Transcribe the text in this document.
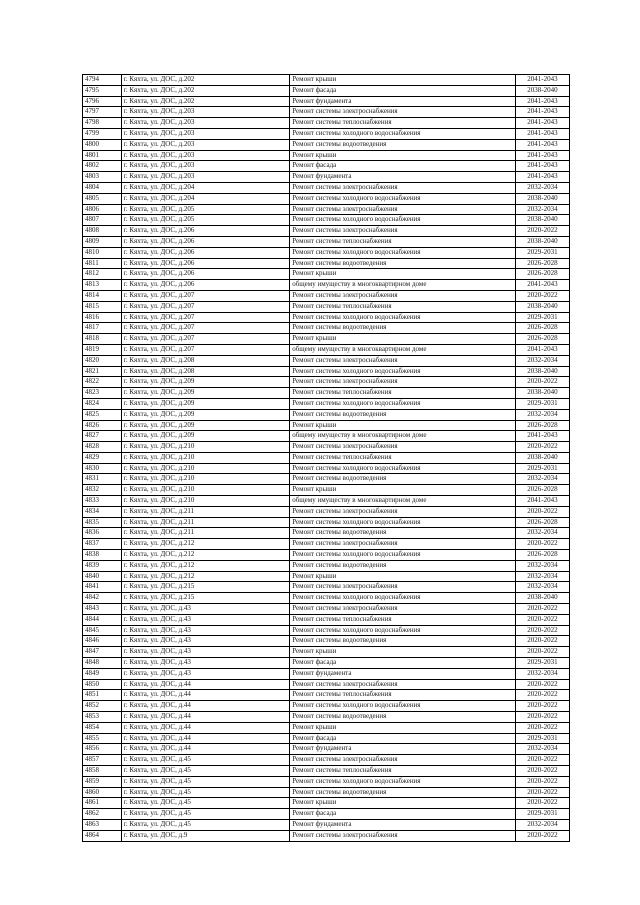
4794	г. Кяхта, ул. ДОС, д.202	Ремонт крыши	2041-2043
4795	г. Кяхта, ул. ДОС, д.202	Ремонт фасада	2038-2040
4796	г. Кяхта, ул. ДОС, д.202	Ремонт фундамента	2041-2043
4797	г. Кяхта, ул. ДОС, д.203	Ремонт системы электроснабжения	2041-2043
4798	г. Кяхта, ул. ДОС, д.203	Ремонт системы теплоснабжения	2041-2043
4799	г. Кяхта, ул. ДОС, д.203	Ремонт системы холодного водоснабжения	2041-2043
4800	г. Кяхта, ул. ДОС, д.203	Ремонт системы водоотведения	2041-2043
4801	г. Кяхта, ул. ДОС, д.203	Ремонт крыши	2041-2043
4802	г. Кяхта, ул. ДОС, д.203	Ремонт фасада	2041-2043
4803	г. Кяхта, ул. ДОС, д.203	Ремонт фундамента	2041-2043
4804	г. Кяхта, ул. ДОС, д.204	Ремонт системы электроснабжения	2032-2034
4805	г. Кяхта, ул. ДОС, д.204	Ремонт системы холодного водоснабжения	2038-2040
4806	г. Кяхта, ул. ДОС, д.205	Ремонт системы электроснабжения	2032-2034
4807	г. Кяхта, ул. ДОС, д.205	Ремонт системы холодного водоснабжения	2038-2040
4808	г. Кяхта, ул. ДОС, д.206	Ремонт системы электроснабжения	2020-2022
4809	г. Кяхта, ул. ДОС, д.206	Ремонт системы теплоснабжения	2038-2040
4810	г. Кяхта, ул. ДОС, д.206	Ремонт системы холодного водоснабжения	2029-2031
4811	г. Кяхта, ул. ДОС, д.206	Ремонт системы водоотведения	2026-2028
4812	г. Кяхта, ул. ДОС, д.206	Ремонт крыши	2026-2028
4813	г. Кяхта, ул. ДОС, д.206	общему имуществу в многоквартирном доме	2041-2043
4814	г. Кяхта, ул. ДОС, д.207	Ремонт системы электроснабжения	2020-2022
4815	г. Кяхта, ул. ДОС, д.207	Ремонт системы теплоснабжения	2038-2040
4816	г. Кяхта, ул. ДОС, д.207	Ремонт системы холодного водоснабжения	2029-2031
4817	г. Кяхта, ул. ДОС, д.207	Ремонт системы водоотведения	2026-2028
4818	г. Кяхта, ул. ДОС, д.207	Ремонт крыши	2026-2028
4819	г. Кяхта, ул. ДОС, д.207	общему имуществу в многоквартирном доме	2041-2043
4820	г. Кяхта, ул. ДОС, д.208	Ремонт системы электроснабжения	2032-2034
4821	г. Кяхта, ул. ДОС, д.208	Ремонт системы холодного водоснабжения	2038-2040
4822	г. Кяхта, ул. ДОС, д.209	Ремонт системы электроснабжения	2020-2022
4823	г. Кяхта, ул. ДОС, д.209	Ремонт системы теплоснабжения	2038-2040
4824	г. Кяхта, ул. ДОС, д.209	Ремонт системы холодного водоснабжения	2029-2031
4825	г. Кяхта, ул. ДОС, д.209	Ремонт системы водоотведения	2032-2034
4826	г. Кяхта, ул. ДОС, д.209	Ремонт крыши	2026-2028
4827	г. Кяхта, ул. ДОС, д.209	общему имуществу в многоквартирном доме	2041-2043
4828	г. Кяхта, ул. ДОС, д.210	Ремонт системы электроснабжения	2020-2022
4829	г. Кяхта, ул. ДОС, д.210	Ремонт системы теплоснабжения	2038-2040
4830	г. Кяхта, ул. ДОС, д.210	Ремонт системы холодного водоснабжения	2029-2031
4831	г. Кяхта, ул. ДОС, д.210	Ремонт системы водоотведения	2032-2034
4832	г. Кяхта, ул. ДОС, д.210	Ремонт крыши	2026-2028
4833	г. Кяхта, ул. ДОС, д.210	общему имуществу в многоквартирном доме	2041-2043
4834	г. Кяхта, ул. ДОС, д.211	Ремонт системы электроснабжения	2020-2022
4835	г. Кяхта, ул. ДОС, д.211	Ремонт системы холодного водоснабжения	2026-2028
4836	г. Кяхта, ул. ДОС, д.211	Ремонт системы водоотведения	2032-2034
4837	г. Кяхта, ул. ДОС, д.212	Ремонт системы электроснабжения	2020-2022
4838	г. Кяхта, ул. ДОС, д.212	Ремонт системы холодного водоснабжения	2026-2028
4839	г. Кяхта, ул. ДОС, д.212	Ремонт системы водоотведения	2032-2034
4840	г. Кяхта, ул. ДОС, д.212	Ремонт крыши	2032-2034
4841	г. Кяхта, ул. ДОС, д.215	Ремонт системы электроснабжения	2032-2034
4842	г. Кяхта, ул. ДОС, д.215	Ремонт системы холодного водоснабжения	2038-2040
4843	г. Кяхта, ул. ДОС, д.43	Ремонт системы электроснабжения	2020-2022
4844	г. Кяхта, ул. ДОС, д.43	Ремонт системы теплоснабжения	2020-2022
4845	г. Кяхта, ул. ДОС, д.43	Ремонт системы холодного водоснабжения	2020-2022
4846	г. Кяхта, ул. ДОС, д.43	Ремонт системы водоотведения	2020-2022
4847	г. Кяхта, ул. ДОС, д.43	Ремонт крыши	2020-2022
4848	г. Кяхта, ул. ДОС, д.43	Ремонт фасада	2029-2031
4849	г. Кяхта, ул. ДОС, д.43	Ремонт фундамента	2032-2034
4850	г. Кяхта, ул. ДОС, д.44	Ремонт системы электроснабжения	2020-2022
4851	г. Кяхта, ул. ДОС, д.44	Ремонт системы теплоснабжения	2020-2022
4852	г. Кяхта, ул. ДОС, д.44	Ремонт системы холодного водоснабжения	2020-2022
4853	г. Кяхта, ул. ДОС, д.44	Ремонт системы водоотведения	2020-2022
4854	г. Кяхта, ул. ДОС, д.44	Ремонт крыши	2020-2022
4855	г. Кяхта, ул. ДОС, д.44	Ремонт фасада	2029-2031
4856	г. Кяхта, ул. ДОС, д.44	Ремонт фундамента	2032-2034
4857	г. Кяхта, ул. ДОС, д.45	Ремонт системы электроснабжения	2020-2022
4858	г. Кяхта, ул. ДОС, д.45	Ремонт системы теплоснабжения	2020-2022
4859	г. Кяхта, ул. ДОС, д.45	Ремонт системы холодного водоснабжения	2020-2022
4860	г. Кяхта, ул. ДОС, д.45	Ремонт системы водоотведения	2020-2022
4861	г. Кяхта, ул. ДОС, д.45	Ремонт крыши	2020-2022
4862	г. Кяхта, ул. ДОС, д.45	Ремонт фасада	2029-2031
4863	г. Кяхта, ул. ДОС, д.45	Ремонт фундамента	2032-2034
4864	г. Кяхта, ул. ДОС, д.9	Ремонт системы электроснабжения	2020-2022
